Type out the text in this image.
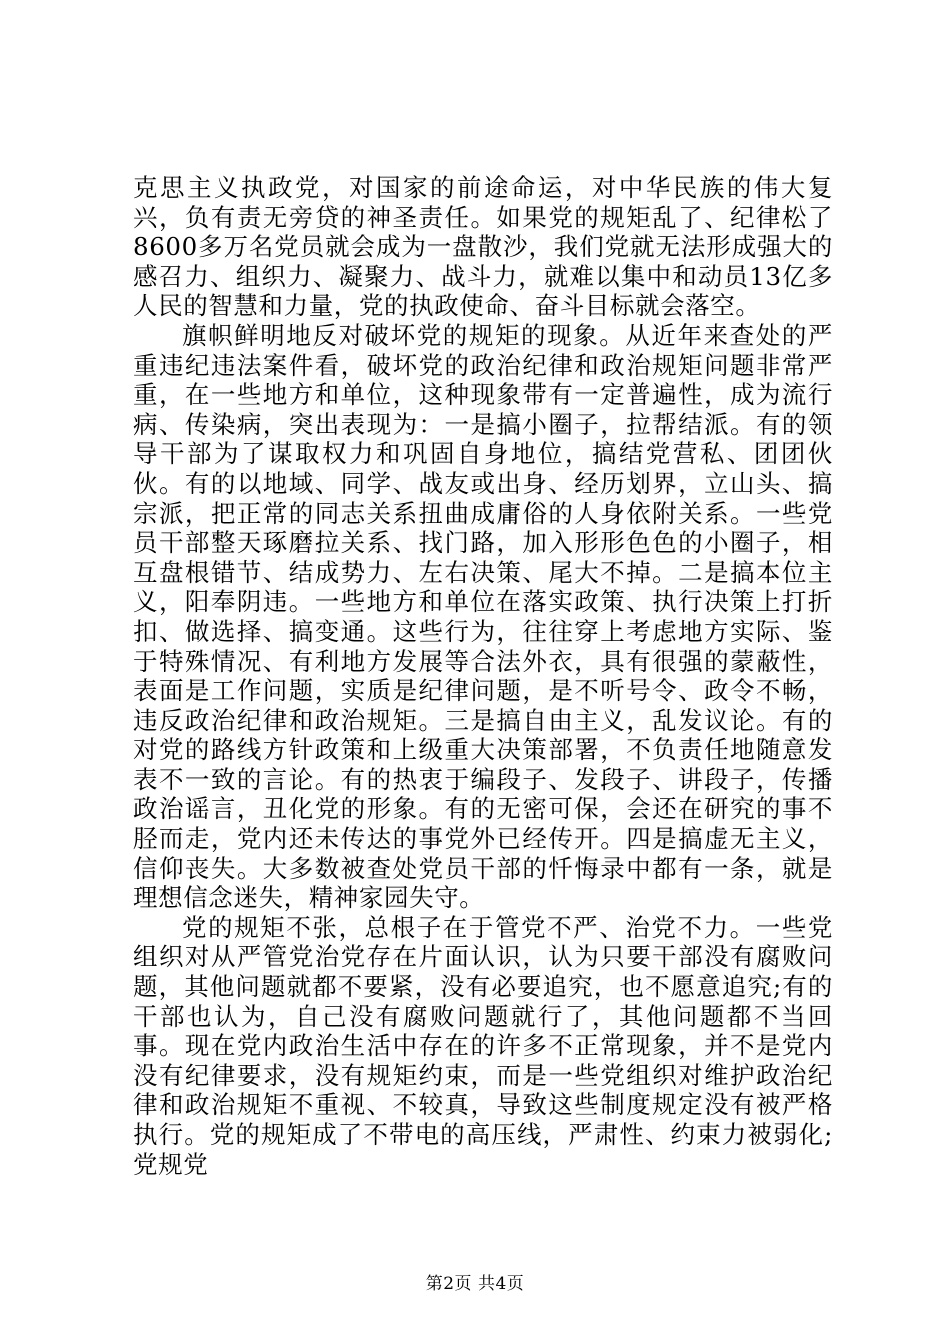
克思主义执政党，对国家的前途命运，对中华民族的伟大复兴，负有责无旁贷的神圣责任。如果党的规矩乱了、纪律松了8600多万名党员就会成为一盘散沙，我们党就无法形成强大的感召力、组织力、凝聚力、战斗力，就难以集中和动员13亿多人民的智慧和力量，党的执政使命、奋斗目标就会落空。

旗帜鲜明地反对破坏党的规矩的现象。从近年来查处的严重违纪违法案件看，破坏党的政治纪律和政治规矩问题非常严重，在一些地方和单位，这种现象带有一定普遍性，成为流行病、传染病，突出表现为：一是搞小圈子，拉帮结派。有的领导干部为了谋取权力和巩固自身地位，搞结党营私、团团伙伙。有的以地域、同学、战友或出身、经历划界，立山头、搞宗派，把正常的同志关系扭曲成庸俗的人身依附关系。一些党员干部整天琢磨拉关系、找门路，加入形形色色的小圈子，相互盘根错节、结成势力、左右决策、尾大不掉。二是搞本位主义，阳奉阴违。一些地方和单位在落实政策、执行决策上打折扣、做选择、搞变通。这些行为，往往穿上考虑地方实际、鉴于特殊情况、有利地方发展等合法外衣，具有很强的蒙蔽性，表面是工作问题，实质是纪律问题，是不听号令、政令不畅，违反政治纪律和政治规矩。三是搞自由主义，乱发议论。有的对党的路线方针政策和上级重大决策部署，不负责任地随意发表不一致的言论。有的热衷于编段子、发段子、讲段子，传播政治谣言，丑化党的形象。有的无密可保，会还在研究的事不胫而走，党内还未传达的事党外已经传开。四是搞虚无主义，信仰丧失。大多数被查处党员干部的忏悔录中都有一条，就是理想信念迷失，精神家园失守。

党的规矩不张，总根子在于管党不严、治党不力。一些党组织对从严管党治党存在片面认识，认为只要干部没有腐败问题，其他问题就都不要紧，没有必要追究，也不愿意追究;有的干部也认为，自己没有腐败问题就行了，其他问题都不当回事。现在党内政治生活中存在的许多不正常现象，并不是党内没有纪律要求，没有规矩约束，而是一些党组织对维护政治纪律和政治规矩不重视、不较真，导致这些制度规定没有被严格执行。党的规矩成了不带电的高压线，严肃性、约束力被弱化;党规党

第2页 共4页
